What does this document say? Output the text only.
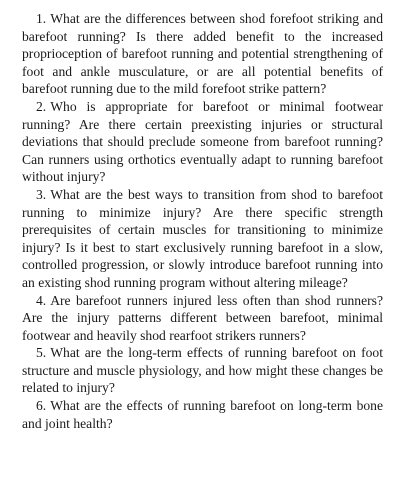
1. What are the differences between shod forefoot striking and barefoot running? Is there added benefit to the increased proprioception of barefoot running and potential strengthening of foot and ankle musculature, or are all potential benefits of barefoot running due to the mild forefoot strike pattern?

2. Who is appropriate for barefoot or minimal footwear running? Are there certain preexisting injuries or structural deviations that should preclude someone from barefoot running? Can runners using orthotics eventually adapt to running barefoot without injury?

3. What are the best ways to transition from shod to barefoot running to minimize injury? Are there specific strength prerequisites of certain muscles for transitioning to minimize injury? Is it best to start exclusively running barefoot in a slow, controlled progression, or slowly introduce barefoot running into an existing shod running program without altering mileage?

4. Are barefoot runners injured less often than shod runners? Are the injury patterns different between barefoot, minimal footwear and heavily shod rearfoot strikers runners?

5. What are the long-term effects of running barefoot on foot structure and muscle physiology, and how might these changes be related to injury?

6. What are the effects of running barefoot on long-term bone and joint health?
